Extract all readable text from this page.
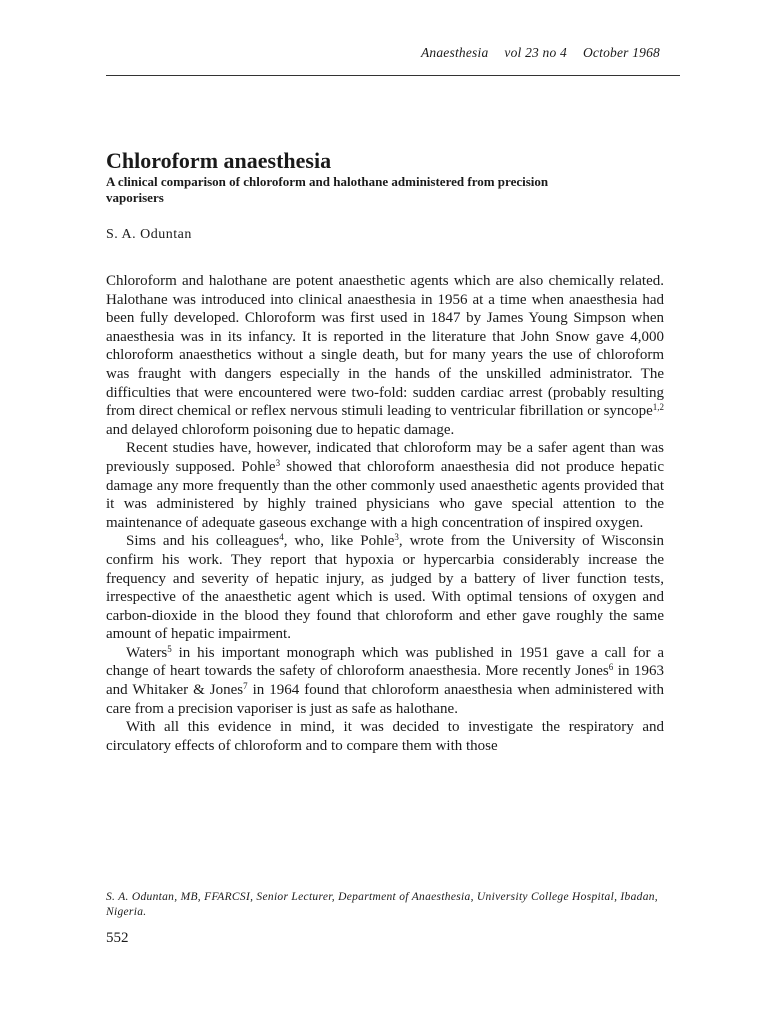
Anaesthesia vol 23 no 4 October 1968
Chloroform anaesthesia

A clinical comparison of chloroform and halothane administered from precision vaporisers

S. A. Oduntan

Chloroform and halothane are potent anaesthetic agents which are also chemically related. Halothane was introduced into clinical anaesthesia in 1956 at a time when anaesthesia had been fully developed. Chloroform was first used in 1847 by James Young Simpson when anaesthesia was in its infancy. It is reported in the literature that John Snow gave 4,000 chloroform anaesthetics without a single death, but for many years the use of chloroform was fraught with dangers especially in the hands of the unskilled administrator. The difficulties that were encountered were two-fold: sudden cardiac arrest (probably resulting from direct chemical or reflex nervous stimuli leading to ventricular fibrillation or syncope$^{1,2}$ and delayed chloroform poisoning due to hepatic damage.

Recent studies have, however, indicated that chloroform may be a safer agent than was previously supposed. Pohle$^3$ showed that chloroform anaesthesia did not produce hepatic damage any more frequently than the other commonly used anaesthetic agents provided that it was administered by highly trained physicians who gave special attention to the maintenance of adequate gaseous exchange with a high concentration of inspired oxygen.

Sims and his colleagues$^4$, who, like Pohle$^3$, wrote from the University of Wisconsin confirm his work. They report that hypoxia or hypercarbia considerably increase the frequency and severity of hepatic injury, as judged by a battery of liver function tests, irrespective of the anaesthetic agent which is used. With optimal tensions of oxygen and carbon-dioxide in the blood they found that chloroform and ether gave roughly the same amount of hepatic impairment.

Waters$^5$ in his important monograph which was published in 1951 gave a call for a change of heart towards the safety of chloroform anaesthesia. More recently Jones$^6$ in 1963 and Whitaker & Jones$^7$ in 1964 found that chloroform anaesthesia when administered with care from a precision vaporiser is just as safe as halothane.

With all this evidence in mind, it was decided to investigate the respiratory and circulatory effects of chloroform and to compare them with those

S. A. Oduntan, MB, FFARCSI, Senior Lecturer, Department of Anaesthesia, University College Hospital, Ibadan, Nigeria.
552
